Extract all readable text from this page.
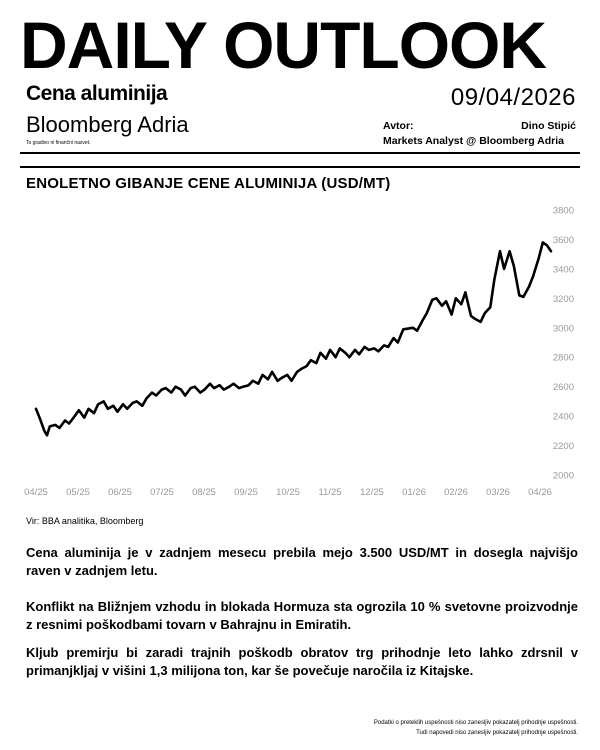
DAILY OUTLOOK
Cena aluminija	09/04/2026
Bloomberg Adria
To gradivo ni finančni nasvet.
Avtor:	Dino Stipić
Markets Analyst @ Bloomberg Adria
ENOLETNO GIBANJE CENE ALUMINIJA (USD/MT)
3800
3600
3400
3200
3000
2800
2600
2400
2200
2000
04/25 05/25 06/25 07/25 08/25 09/25 10/25 11/25 12/25 01/26 02/26 03/26 04/26
Vir: BBA analitika, Bloomberg
Cena aluminija je v zadnjem mesecu prebila mejo 3.500 USD/MT in dosegla najvišjo raven v zadnjem letu.
Konflikt na Bližnjem vzhodu in blokada Hormuza sta ogrozila 10 % svetovne proizvodnje z resnimi poškodbami tovarn v Bahrajnu in Emiratih.
Kljub premirju bi zaradi trajnih poškodb obratov trg prihodnje leto lahko zdrsnil v primanjkljaj v višini 1,3 milijona ton, kar še povečuje naročila iz Kitajske.
Podatki o preteklih uspešnosti niso zanesljiv pokazatelj prihodnje uspešnosti.
Tudi napovedi niso zanesljiv pokazatelj prihodnje uspešnosti.
